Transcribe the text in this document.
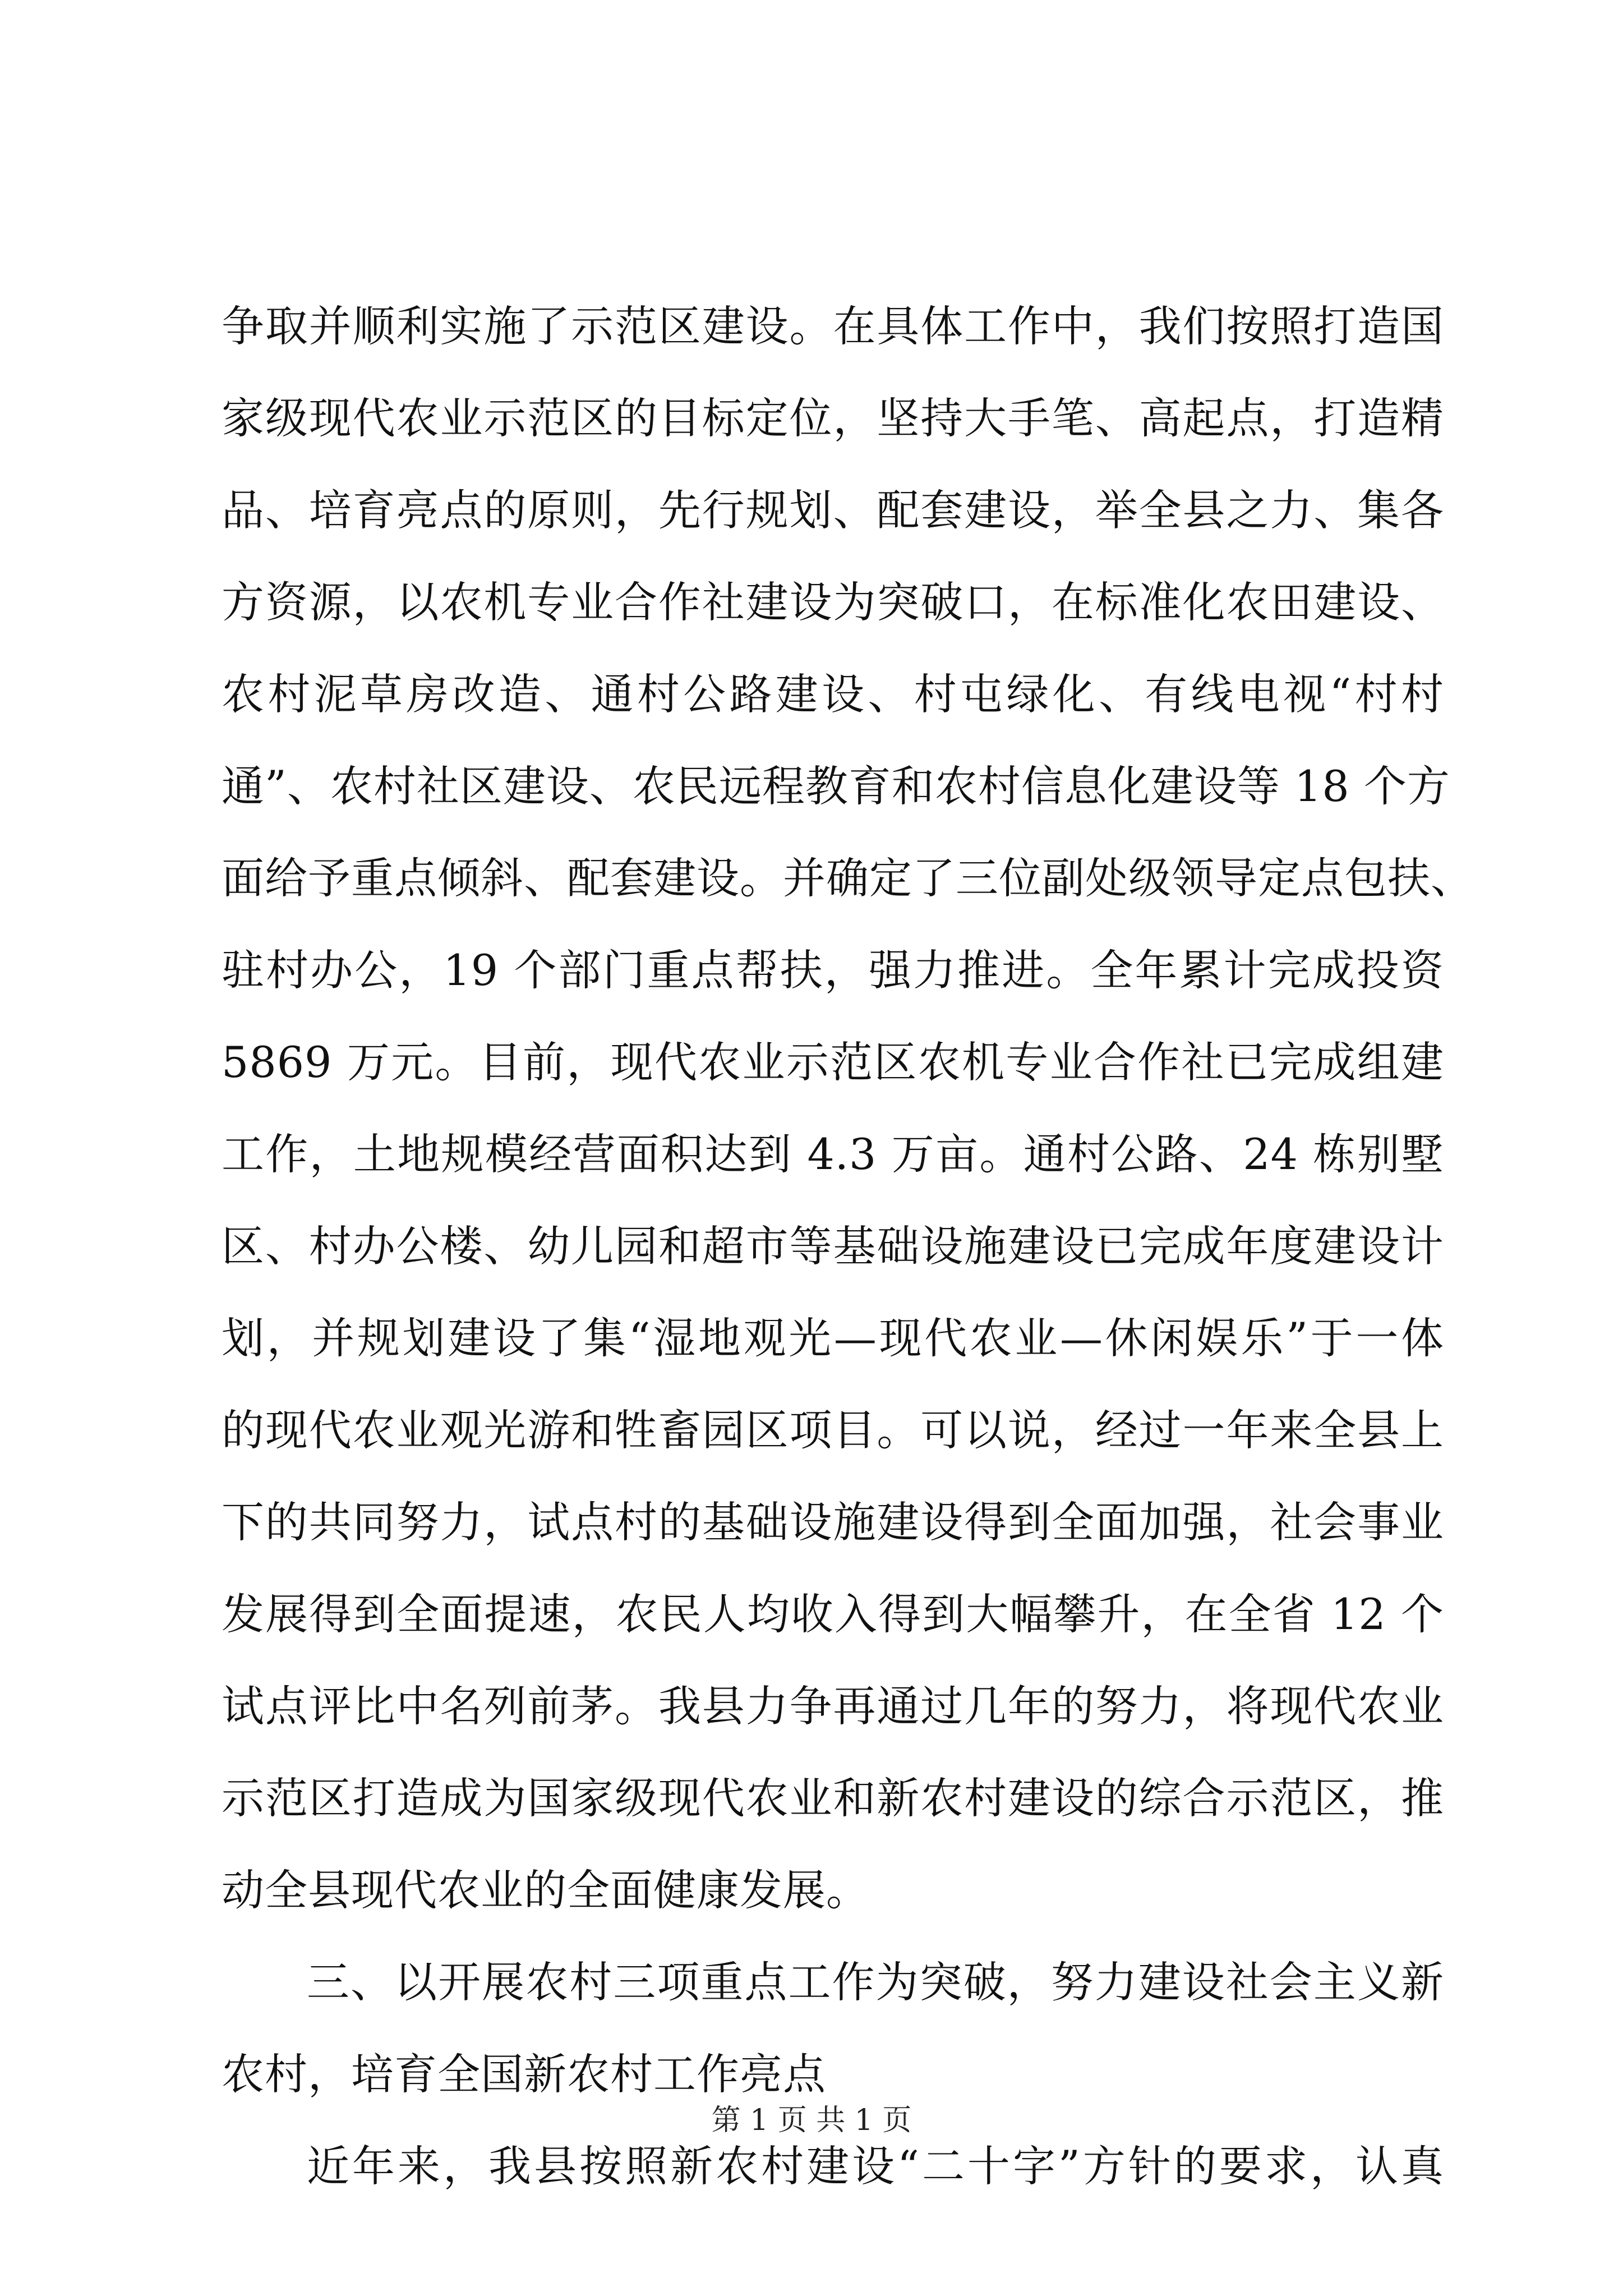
争取并顺利实施了示范区建设。在具体工作中，我们按照打造国
家级现代农业示范区的目标定位，坚持大手笔、高起点，打造精
品、培育亮点的原则，先行规划、配套建设，举全县之力、集各
方资源，以农机专业合作社建设为突破口，在标准化农田建设、
农村泥草房改造、通村公路建设、村屯绿化、有线电视“村村
通”、农村社区建设、农民远程教育和农村信息化建设等 18 个方
面给予重点倾斜、配套建设。并确定了三位副处级领导定点包扶、
驻村办公，19 个部门重点帮扶，强力推进。全年累计完成投资
5869 万元。目前，现代农业示范区农机专业合作社已完成组建
工作，土地规模经营面积达到 4.3 万亩。通村公路、24 栋别墅
区、村办公楼、幼儿园和超市等基础设施建设已完成年度建设计
划，并规划建设了集“湿地观光—现代农业—休闲娱乐”于一体
的现代农业观光游和牲畜园区项目。可以说，经过一年来全县上
下的共同努力，试点村的基础设施建设得到全面加强，社会事业
发展得到全面提速，农民人均收入得到大幅攀升，在全省 12 个
试点评比中名列前茅。我县力争再通过几年的努力，将现代农业
示范区打造成为国家级现代农业和新农村建设的综合示范区，推
动全县现代农业的全面健康发展。
三、以开展农村三项重点工作为突破，努力建设社会主义新
农村，培育全国新农村工作亮点
近年来，我县按照新农村建设“二十字”方针的要求，认真
第 1 页 共 1 页
